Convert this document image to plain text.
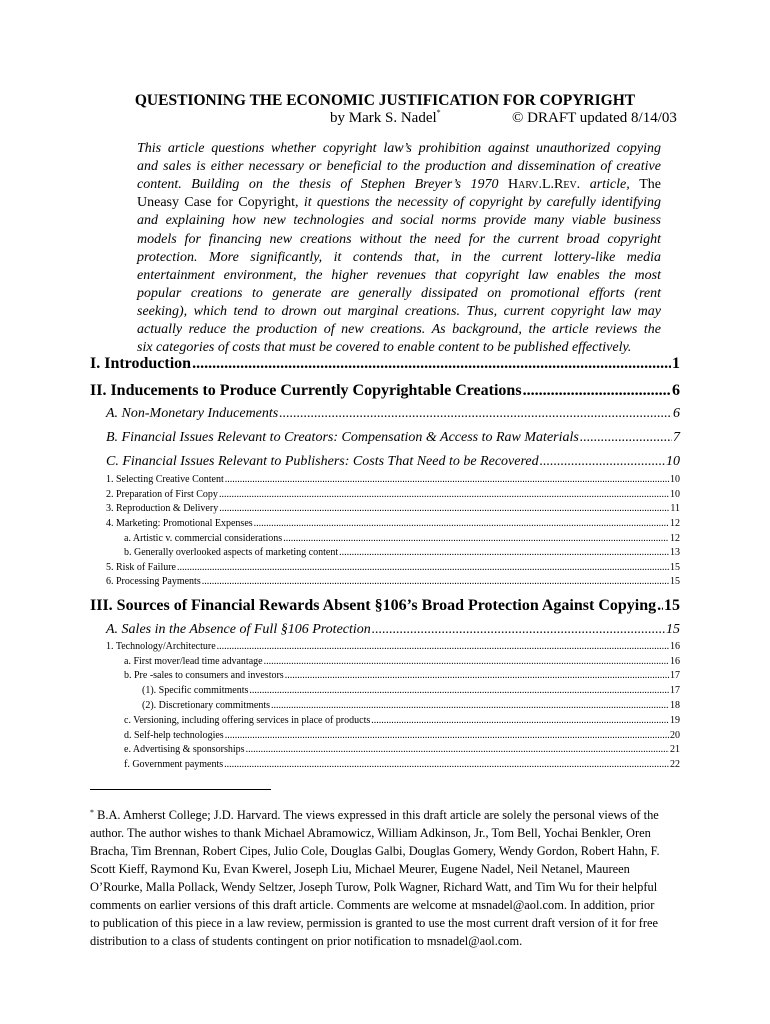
QUESTIONING THE ECONOMIC JUSTIFICATION FOR COPYRIGHT
by Mark S. Nadel*	© DRAFT updated 8/14/03
This article questions whether copyright law’s prohibition against unauthorized copying
and sales is either necessary or beneficial to the production and dissemination of creative
content. Building on the thesis of Stephen Breyer’s 1970 Harv.L.Rev. article, The
Uneasy Case for Copyright, it questions the necessity of copyright by carefully identifying
and explaining how new technologies and social norms provide many viable business
models for financing new creations without the need for the current broad copyright
protection. More significantly, it contends that, in the current lottery-like media
entertainment environment, the higher revenues that copyright law enables the most
popular creations to generate are generally dissipated on promotional efforts (rent
seeking), which tend to drown out marginal creations. Thus, current copyright law may
actually reduce the production of new creations. As background, the article reviews the
six categories of costs that must be covered to enable content to be published effectively.
I. Introduction .....	1
II. Inducements to Produce Currently Copyrightable Creations .....	6
A. Non-Monetary Inducements .....	6
B. Financial Issues Relevant to Creators: Compensation & Access to Raw Materials .....	7
C. Financial Issues Relevant to Publishers: Costs That Need to be Recovered .....	10
1. Selecting Creative Content .....	10
2. Preparation of First Copy .....	10
3. Reproduction & Delivery .....	11
4. Marketing: Promotional Expenses .....	12
a. Artistic v. commercial considerations .....	12
b. Generally overlooked aspects of marketing content .....	13
5. Risk of Failure .....	15
6. Processing Payments .....	15
III. Sources of Financial Rewards Absent §106’s Broad Protection Against Copying ..... 15
A. Sales in the Absence of Full §106 Protection .....	15
1. Technology/Architecture .....	16
a. First mover/lead time advantage .....	16
b. Pre -sales to consumers and investors .....	17
(1). Specific commitments .....	17
(2). Discretionary commitments .....	18
c. Versioning, including offering services in place of products .....	19
d. Self-help technologies .....	20
e. Advertising & sponsorships .....	21
f. Government payments .....	22
* B.A. Amherst College; J.D. Harvard. The views expressed in this draft article are solely the personal views of the
author. The author wishes to thank Michael Abramowicz, William Adkinson, Jr., Tom Bell, Yochai Benkler, Oren
Bracha, Tim Brennan, Robert Cipes, Julio Cole, Douglas Galbi, Douglas Gomery, Wendy Gordon, Robert Hahn, F.
Scott Kieff, Raymond Ku, Evan Kwerel, Joseph Liu, Michael Meurer, Eugene Nadel, Neil Netanel, Maureen
O’Rourke, Malla Pollack, Wendy Seltzer, Joseph Turow, Polk Wagner, Richard Watt, and Tim Wu for their helpful
comments on earlier versions of this draft article. Comments are welcome at msnadel@aol.com. In addition, prior
to publication of this piece in a law review, permission is granted to use the most current draft version of it for free
distribution to a class of students contingent on prior notification to msnadel@aol.com.
